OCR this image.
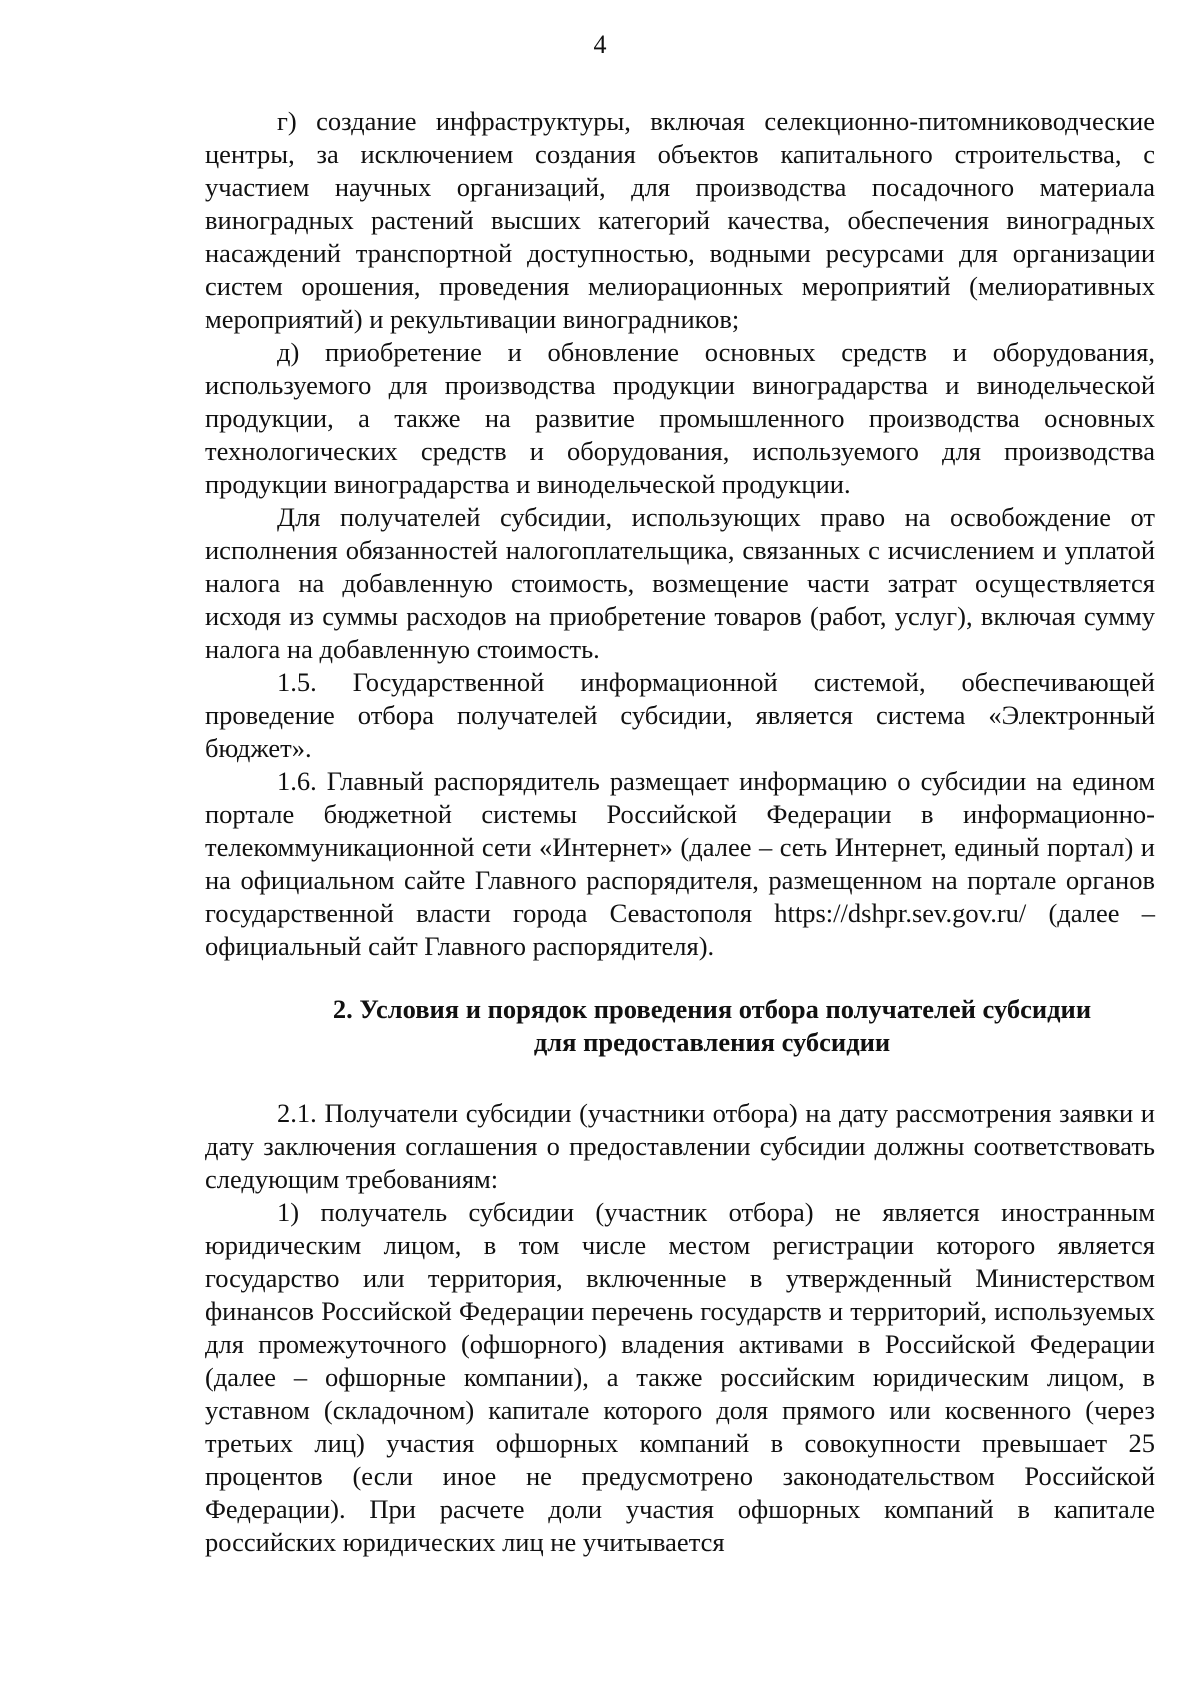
4

г) создание инфраструктуры, включая селекционно-питомниководческие центры, за исключением создания объектов капитального строительства, с участием научных организаций, для производства посадочного материала виноградных растений высших категорий качества, обеспечения виноградных насаждений транспортной доступностью, водными ресурсами для организации систем орошения, проведения мелиорационных мероприятий (мелиоративных мероприятий) и рекультивации виноградников;

д) приобретение и обновление основных средств и оборудования, используемого для производства продукции виноградарства и винодельческой продукции, а также на развитие промышленного производства основных технологических средств и оборудования, используемого для производства продукции виноградарства и винодельческой продукции.

Для получателей субсидии, использующих право на освобождение от исполнения обязанностей налогоплательщика, связанных с исчислением и уплатой налога на добавленную стоимость, возмещение части затрат осуществляется исходя из суммы расходов на приобретение товаров (работ, услуг), включая сумму налога на добавленную стоимость.

1.5. Государственной информационной системой, обеспечивающей проведение отбора получателей субсидии, является система «Электронный бюджет».

1.6. Главный распорядитель размещает информацию о субсидии на едином портале бюджетной системы Российской Федерации в информационно-телекоммуникационной сети «Интернет» (далее – сеть Интернет, единый портал) и на официальном сайте Главного распорядителя, размещенном на портале органов государственной власти города Севастополя https://dshpr.sev.gov.ru/ (далее – официальный сайт Главного распорядителя).

2. Условия и порядок проведения отбора получателей субсидии
для предоставления субсидии

2.1. Получатели субсидии (участники отбора) на дату рассмотрения заявки и дату заключения соглашения о предоставлении субсидии должны соответствовать следующим требованиям:

1) получатель субсидии (участник отбора) не является иностранным юридическим лицом, в том числе местом регистрации которого является государство или территория, включенные в утвержденный Министерством финансов Российской Федерации перечень государств и территорий, используемых для промежуточного (офшорного) владения активами в Российской Федерации (далее – офшорные компании), а также российским юридическим лицом, в уставном (складочном) капитале которого доля прямого или косвенного (через третьих лиц) участия офшорных компаний в совокупности превышает 25 процентов (если иное не предусмотрено законодательством Российской Федерации). При расчете доли участия офшорных компаний в капитале российских юридических лиц не учитывается
